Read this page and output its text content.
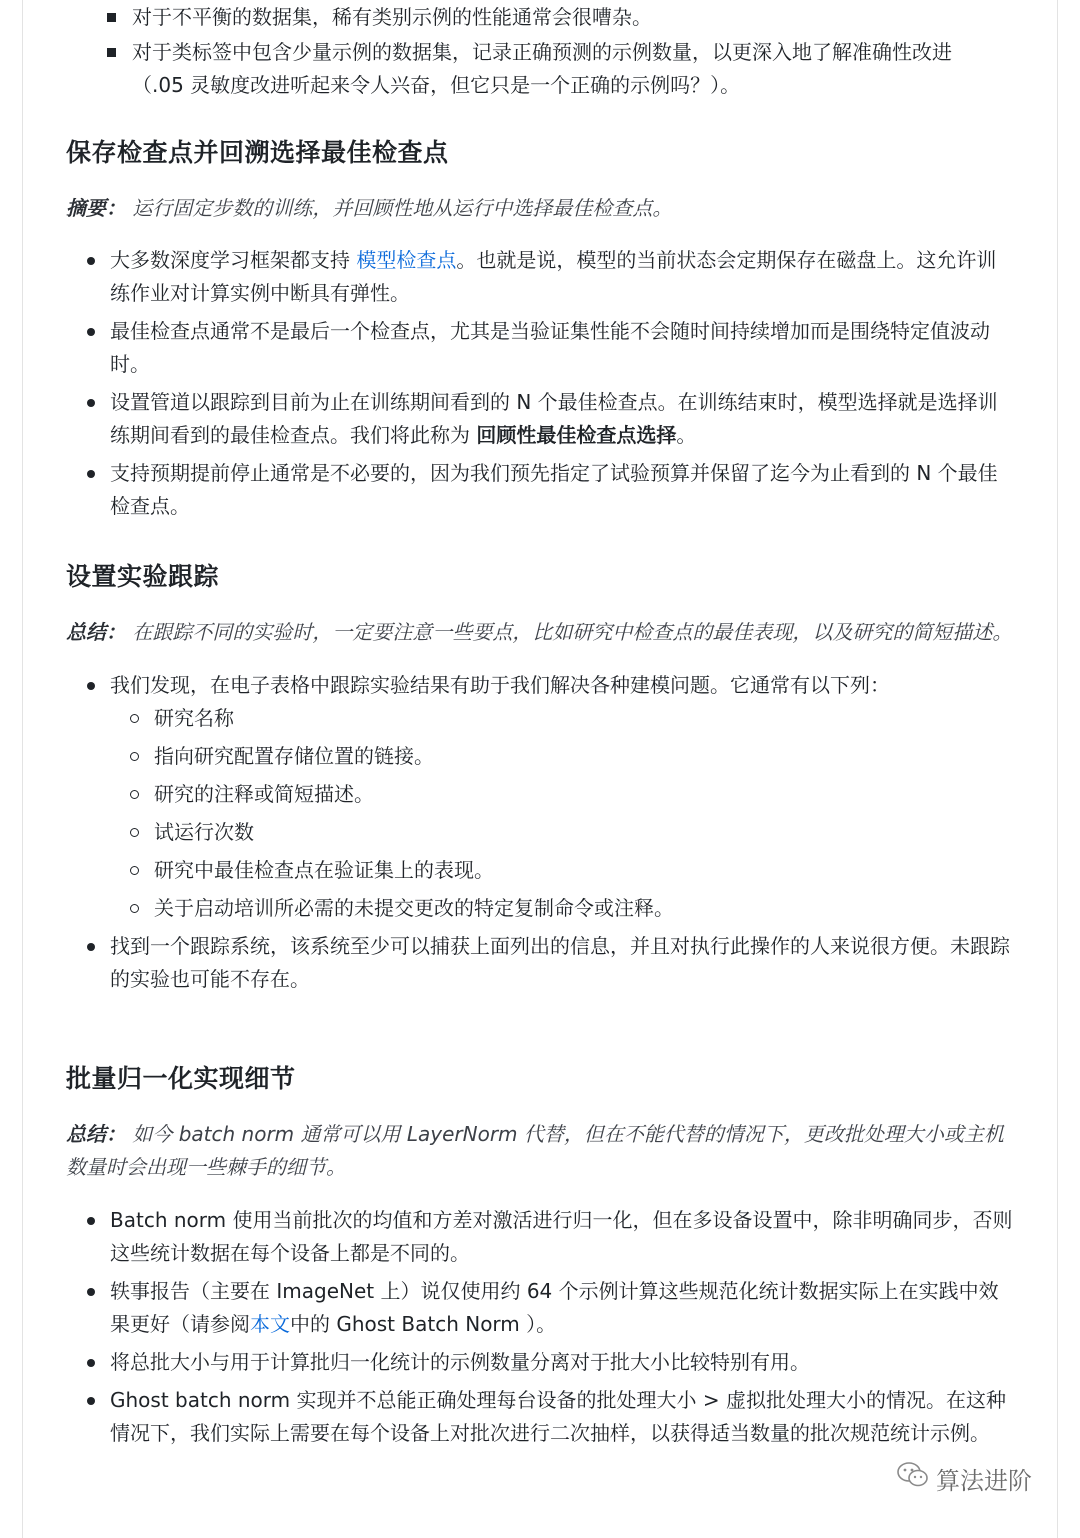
对于不平衡的数据集，稀有类别示例的性能通常会很嘈杂。
对于类标签中包含少量示例的数据集，记录正确预测的示例数量，以更深入地了解准确性改进（.05 灵敏度改进听起来令人兴奋，但它只是一个正确的示例吗？）。
保存检查点并回溯选择最佳检查点

摘要： 运行固定步数的训练，并回顾性地从运行中选择最佳检查点。

大多数深度学习框架都支持 模型检查点。也就是说，模型的当前状态会定期保存在磁盘上。这允许训练作业对计算实例中断具有弹性。
最佳检查点通常不是最后一个检查点，尤其是当验证集性能不会随时间持续增加而是围绕特定值波动时。
设置管道以跟踪到目前为止在训练期间看到的 N 个最佳检查点。在训练结束时，模型选择就是选择训练期间看到的最佳检查点。我们将此称为 回顾性最佳检查点选择。
支持预期提前停止通常是不必要的，因为我们预先指定了试验预算并保留了迄今为止看到的 N 个最佳检查点。
设置实验跟踪

总结： 在跟踪不同的实验时，一定要注意一些要点，比如研究中检查点的最佳表现，以及研究的简短描述。

我们发现，在电子表格中跟踪实验结果有助于我们解决各种建模问题。它通常有以下列：
研究名称
指向研究配置存储位置的链接。
研究的注释或简短描述。
试运行次数
研究中最佳检查点在验证集上的表现。
关于启动培训所必需的未提交更改的特定复制命令或注释。
找到一个跟踪系统，该系统至少可以捕获上面列出的信息，并且对执行此操作的人来说很方便。未跟踪的实验也可能不存在。
批量归一化实现细节

总结： 如今 batch norm 通常可以用 LayerNorm 代替，但在不能代替的情况下，更改批处理大小或主机数量时会出现一些棘手的细节。

Batch norm 使用当前批次的均值和方差对激活进行归一化，但在多设备设置中，除非明确同步，否则这些统计数据在每个设备上都是不同的。
轶事报告（主要在 ImageNet 上）说仅使用约 64 个示例计算这些规范化统计数据实际上在实践中效果更好（请参阅本文中的 Ghost Batch Norm ）。
将总批大小与用于计算批归一化统计的示例数量分离对于批大小比较特别有用。
Ghost batch norm 实现并不总能正确处理每台设备的批处理大小 > 虚拟批处理大小的情况。在这种情况下，我们实际上需要在每个设备上对批次进行二次抽样，以获得适当数量的批次规范统计示例。
算法进阶
